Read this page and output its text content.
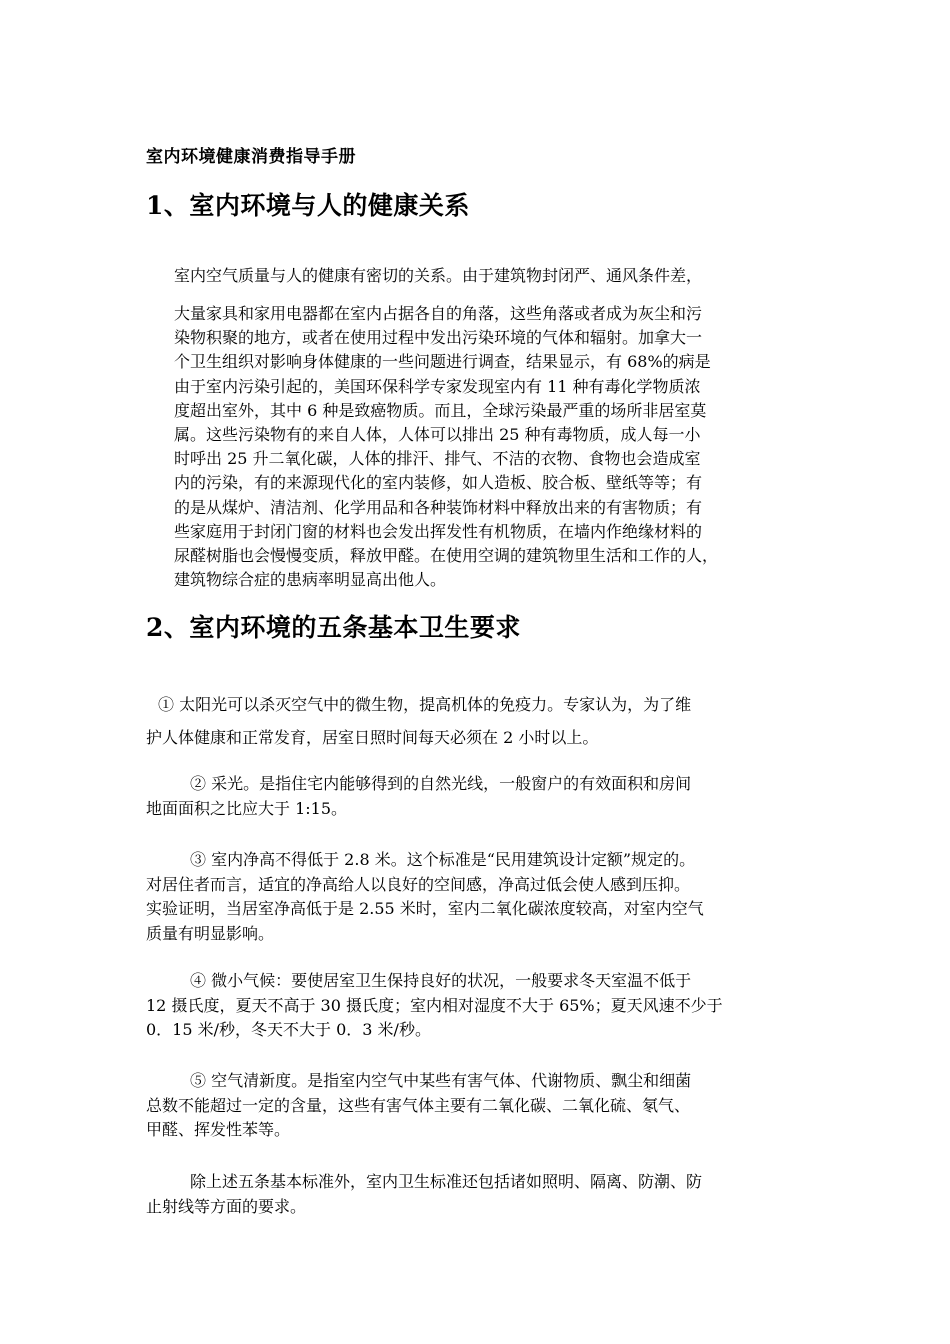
室内环境健康消费指导手册
1、室内环境与人的健康关系
室内空气质量与人的健康有密切的关系。由于建筑物封闭严、通风条件差，
大量家具和家用电器都在室内占据各自的角落，这些角落或者成为灰尘和污
染物积聚的地方，或者在使用过程中发出污染环境的气体和辐射。加拿大一
个卫生组织对影响身体健康的一些问题进行调查，结果显示，有 68%的病是
由于室内污染引起的，美国环保科学专家发现室内有 11 种有毒化学物质浓
度超出室外，其中 6 种是致癌物质。而且，全球污染最严重的场所非居室莫
属。这些污染物有的来自人体，人体可以排出 25 种有毒物质，成人每一小
时呼出 25 升二氧化碳，人体的排汗、排气、不洁的衣物、食物也会造成室
内的污染，有的来源现代化的室内装修，如人造板、胶合板、壁纸等等；有
的是从煤炉、清洁剂、化学用品和各种装饰材料中释放出来的有害物质；有
些家庭用于封闭门窗的材料也会发出挥发性有机物质，在墙内作绝缘材料的
尿醛树脂也会慢慢变质，释放甲醛。在使用空调的建筑物里生活和工作的人，
建筑物综合症的患病率明显高出他人。
2、室内环境的五条基本卫生要求
① 太阳光可以杀灭空气中的微生物，提高机体的免疫力。专家认为，为了维
护人体健康和正常发育，居室日照时间每天必须在 2 小时以上。
② 采光。是指住宅内能够得到的自然光线，一般窗户的有效面积和房间
地面面积之比应大于 1:15。
③ 室内净高不得低于 2.8 米。这个标准是“民用建筑设计定额”规定的。
对居住者而言，适宜的净高给人以良好的空间感，净高过低会使人感到压抑。
实验证明，当居室净高低于是 2.55 米时，室内二氧化碳浓度较高，对室内空气
质量有明显影响。
④ 微小气候：要使居室卫生保持良好的状况，一般要求冬天室温不低于
12 摄氏度，夏天不高于 30 摄氏度；室内相对湿度不大于 65%；夏天风速不少于
0．15 米/秒，冬天不大于 0．3 米/秒。
⑤ 空气清新度。是指室内空气中某些有害气体、代谢物质、飘尘和细菌
总数不能超过一定的含量，这些有害气体主要有二氧化碳、二氧化硫、氡气、
甲醛、挥发性苯等。
除上述五条基本标准外，室内卫生标准还包括诸如照明、隔离、防潮、防
止射线等方面的要求。
